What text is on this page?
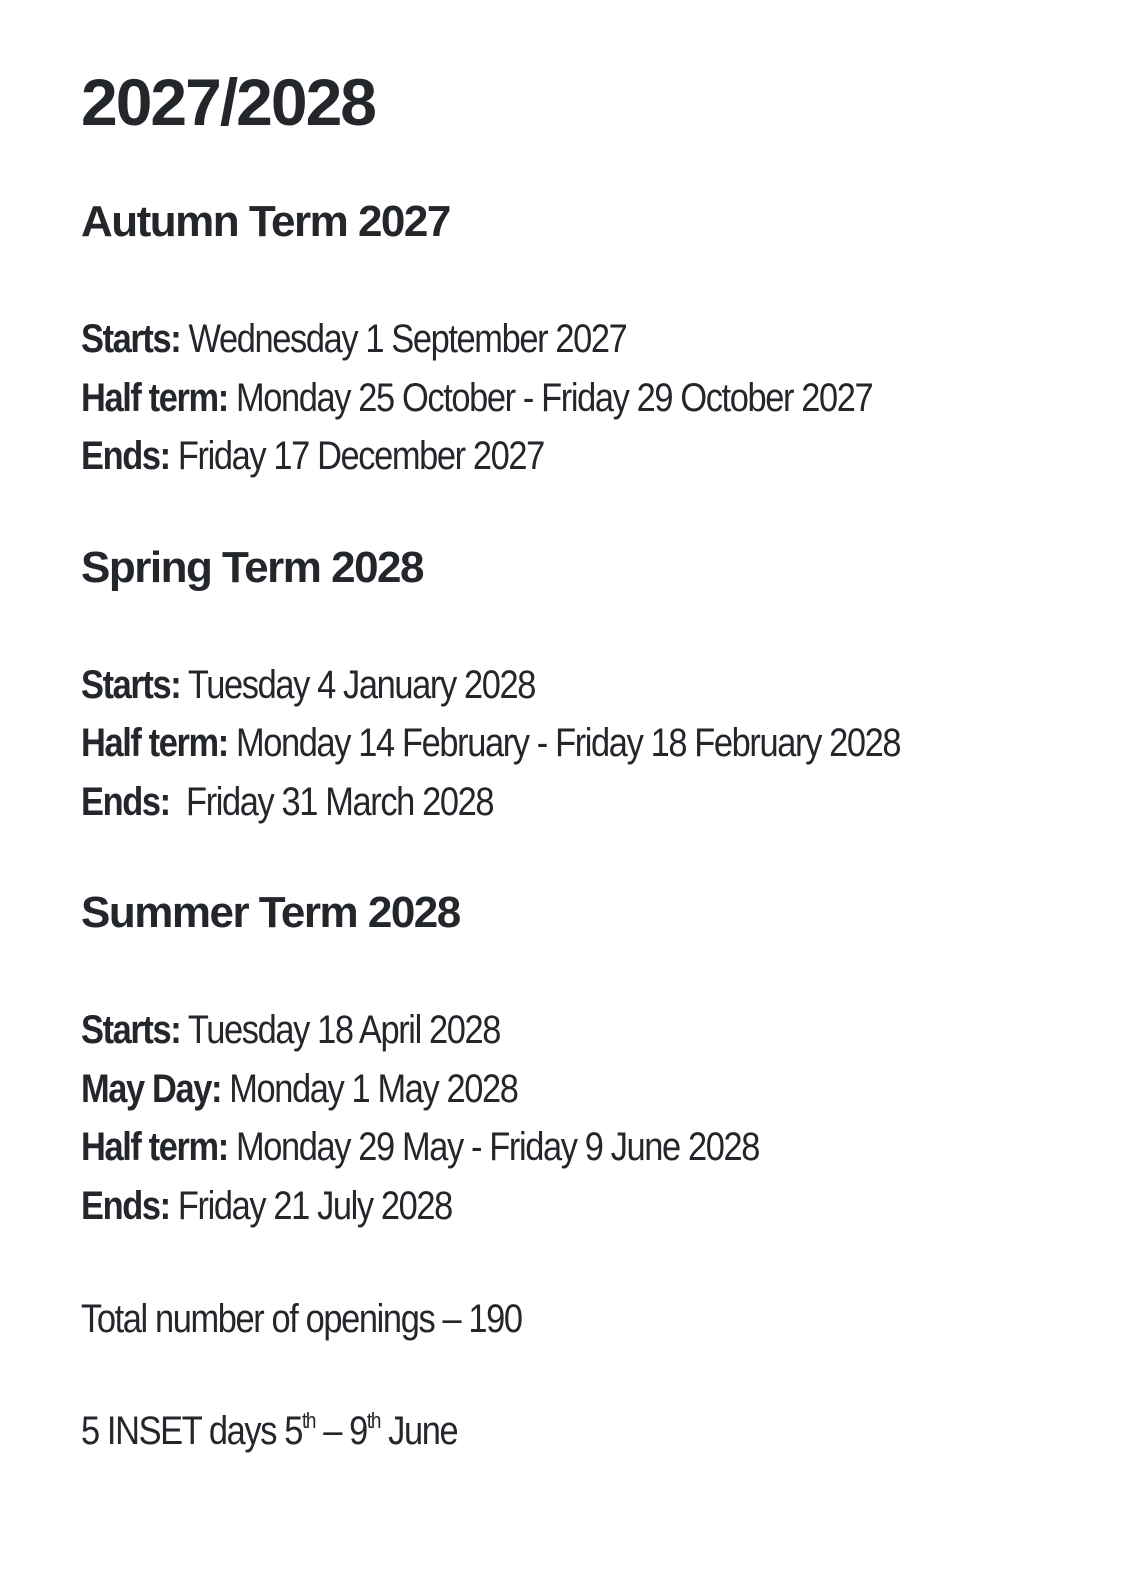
2027/2028
Autumn Term 2027
Starts: Wednesday 1 September 2027
Half term: Monday 25 October - Friday 29 October 2027
Ends: Friday 17 December 2027
Spring Term 2028
Starts: Tuesday 4 January 2028
Half term: Monday 14 February - Friday 18 February 2028
Ends:  Friday 31 March 2028
Summer Term 2028
Starts: Tuesday 18 April 2028
May Day: Monday 1 May 2028
Half term: Monday 29 May - Friday 9 June 2028
Ends: Friday 21 July 2028
Total number of openings – 190
5 INSET days 5th – 9th June
